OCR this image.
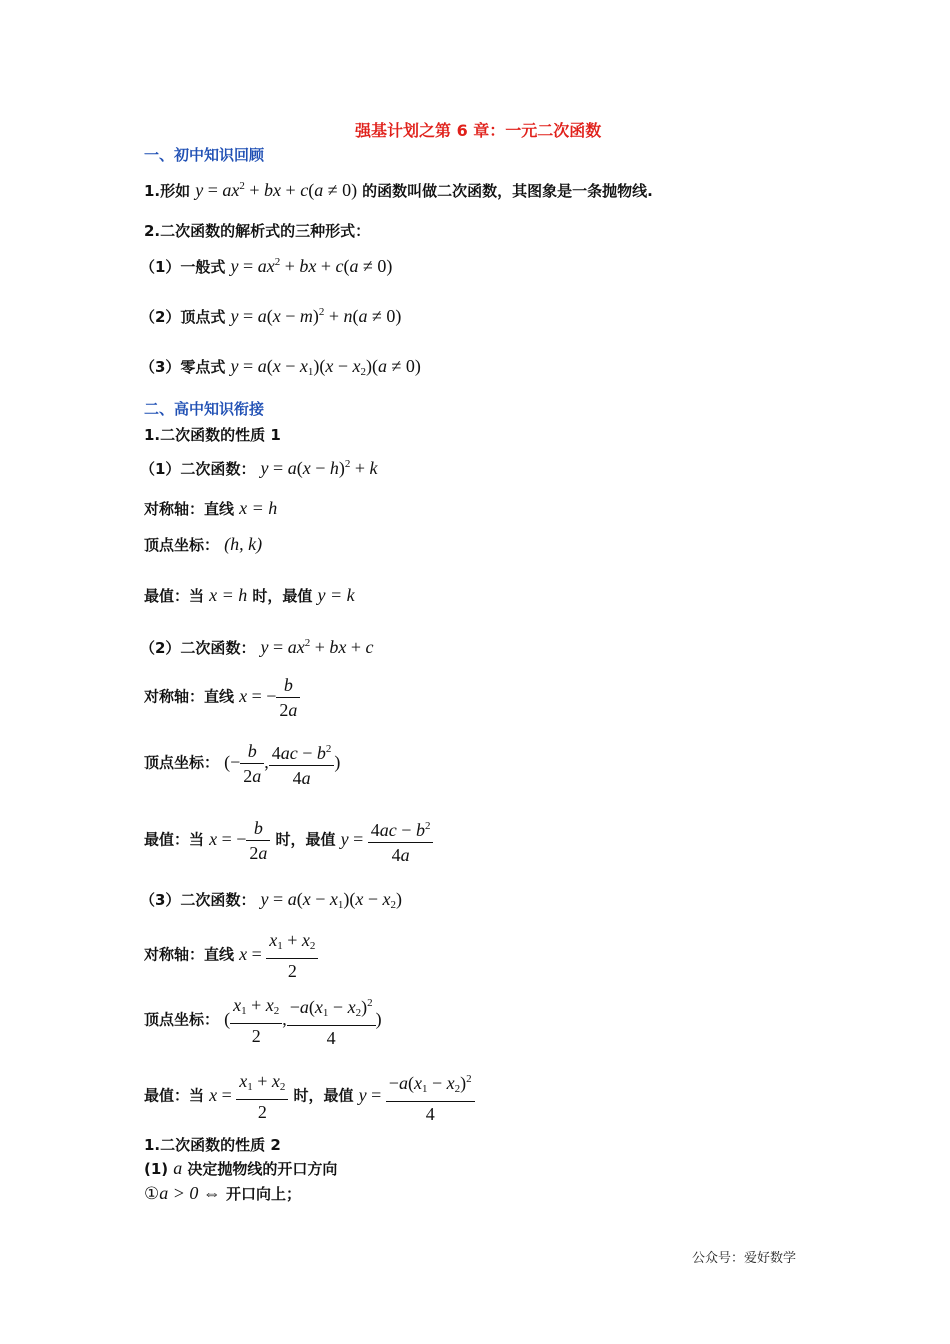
强基计划之第 6 章：一元二次函数
一、初中知识回顾
1.形如 $y = ax^2$ + bx + c(a ≠ 0) 的函数叫做二次函数，其图象是一条抛物线.
2.二次函数的解析式的三种形式：
（1）一般式 $y = ax^2$ + bx + c(a ≠ 0)
（2）顶点式 $y = a(x - m)^2 + n(a \ne 0)$
（3）零点式 $y = a(x - x_1)(x - x_2)(a \ne 0)$
二、高中知识衔接
1.二次函数的性质 1
（1）二次函数： $y = a(x - h)^2 + k$
对称轴：直线 x = h
顶点坐标： (h, k)
最值：当 x = h 时，最值 y = k
（2）二次函数： $y = ax^2$ + bx + c
对称轴：直线 x = − $\frac{b}{2a}$
顶点坐标： (− $\frac{b}{2a}$ , $\frac{4ac - b^2}{4a}$ )
最值：当 x = − $\frac{b}{2a}$ 时，最值 $y = \frac{4ac - b^2}{4a}$
（3）二次函数： $y = a(x - x_1)(x - x_2)$
对称轴：直线 $x = \frac{x_1 + x_2}{2}$
顶点坐标： ( $\frac{x_1 + x_2}{2}$ , $\frac{-a(x_1 - x_2)^2}{4}$ )
最值：当 $x = \frac{x_1 + x_2}{2}$ 时，最值 $y = \frac{-a(x_1 - x_2)^2}{4}$
1.二次函数的性质 2
(1) a 决定抛物线的开口方向
①a > 0 ⇔ 开口向上；
公众号：爱好数学
